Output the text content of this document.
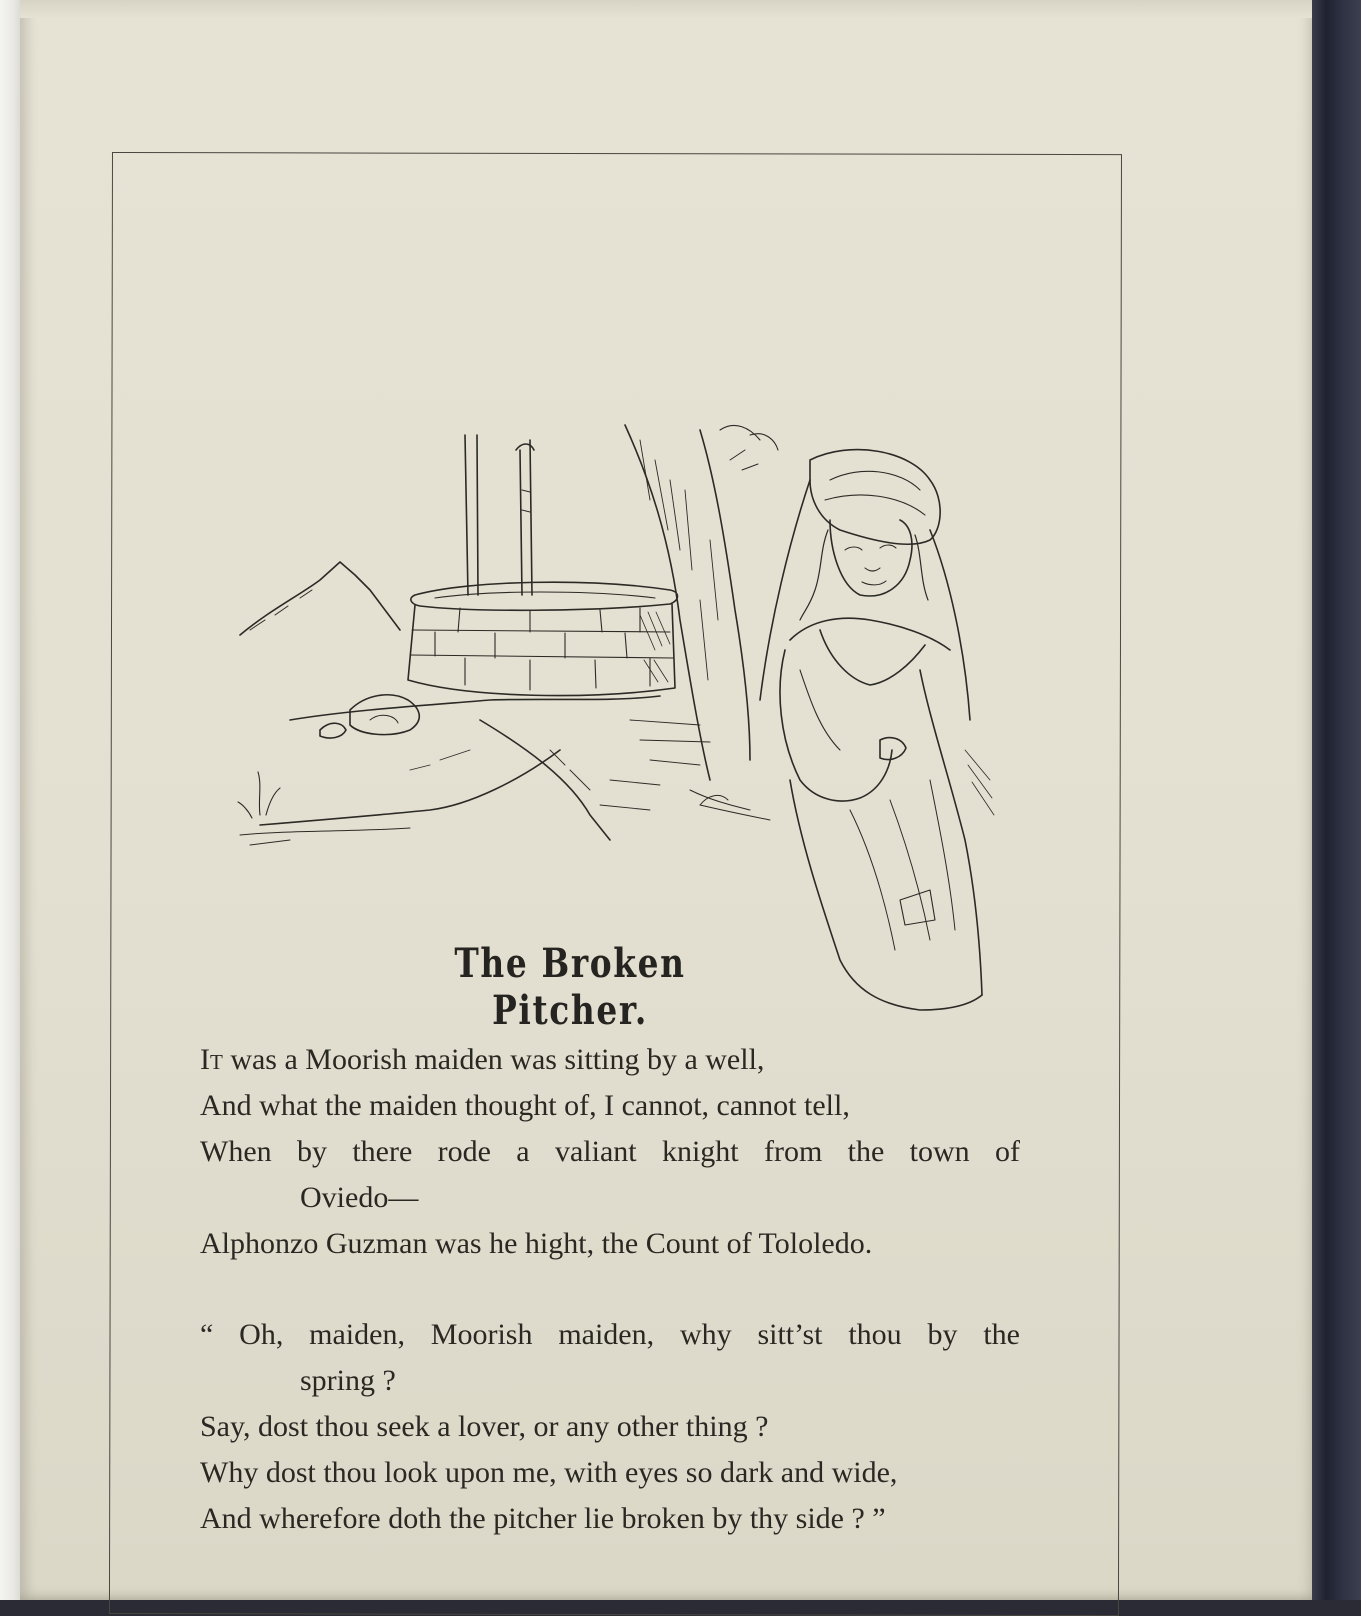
The Broken Pitcher.
It was a Moorish maiden was sitting by a well,
And what the maiden thought of, I cannot, cannot tell,
When by there rode a valiant knight from the town of
Oviedo—
Alphonzo Guzman was he hight, the Count of Tololedo.
“ Oh, maiden, Moorish maiden, why sitt’st thou by the
spring ?
Say, dost thou seek a lover, or any other thing ?
Why dost thou look upon me, with eyes so dark and wide,
And wherefore doth the pitcher lie broken by thy side ? ”
